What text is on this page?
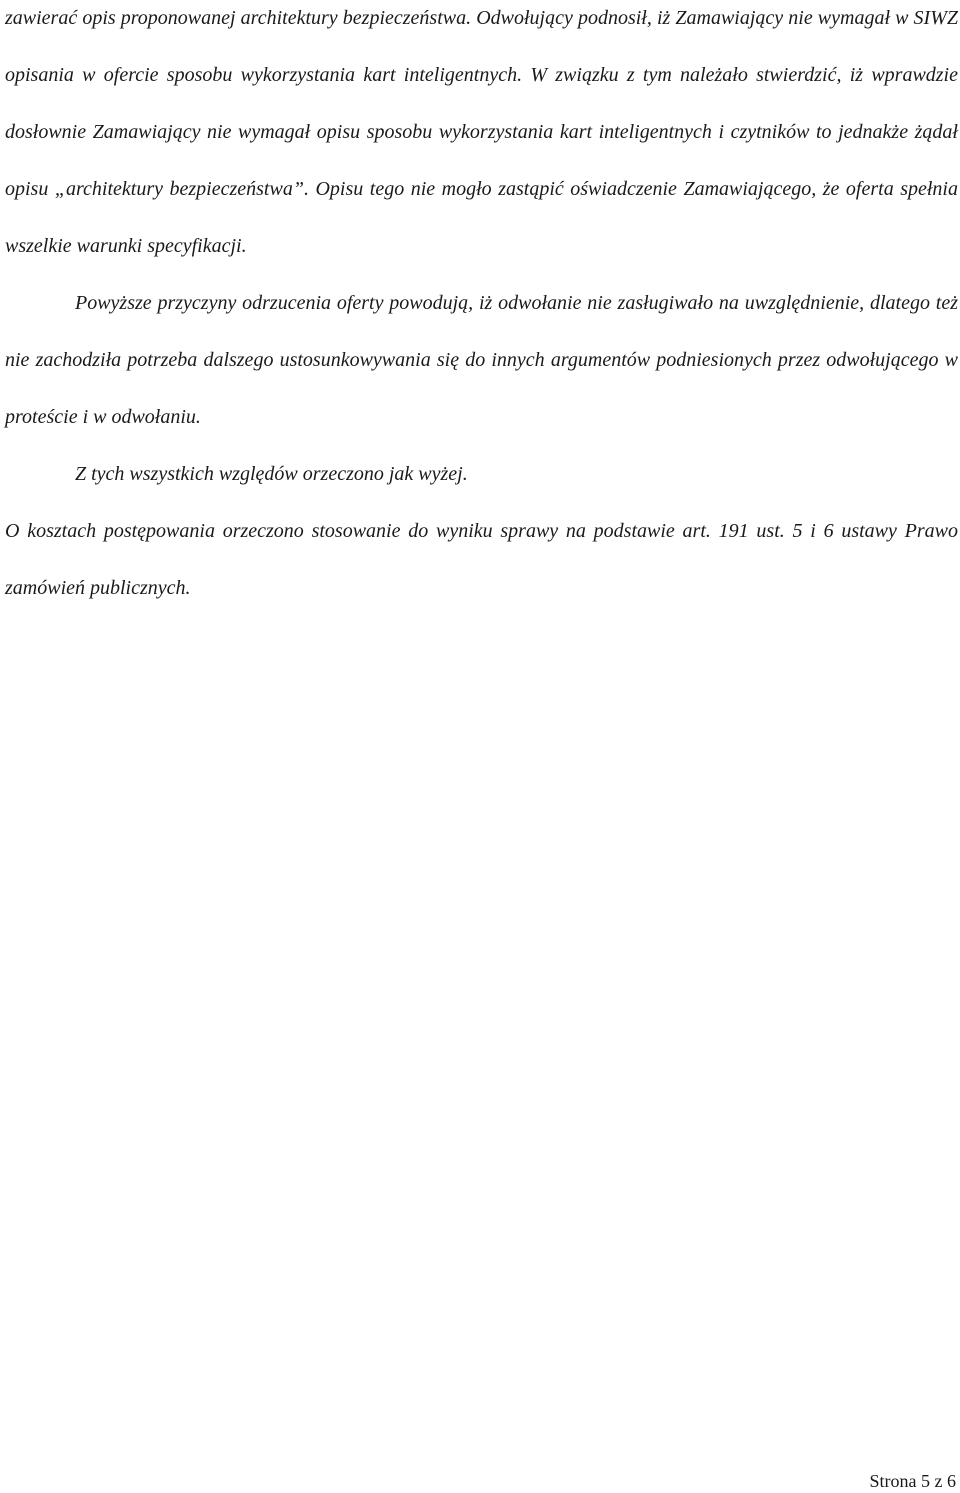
zawierać opis proponowanej architektury bezpieczeństwa. Odwołujący podnosił, iż Zamawiający nie wymagał w SIWZ opisania w ofercie sposobu wykorzystania kart inteligentnych. W związku z tym należało stwierdzić, iż wprawdzie dosłownie Zamawiający nie wymagał opisu sposobu wykorzystania kart inteligentnych i czytników to jednakże żądał opisu „architektury bezpieczeństwa”. Opisu tego nie mogło zastąpić oświadczenie Zamawiającego, że oferta spełnia wszelkie warunki specyfikacji.

Powyższe przyczyny odrzucenia oferty powodują, iż odwołanie nie zasługiwało na uwzględnienie, dlatego też nie zachodziła potrzeba dalszego ustosunkowywania się do innych argumentów podniesionych przez odwołującego w proteście i w odwołaniu.

Z tych wszystkich względów orzeczono jak wyżej.

O kosztach postępowania orzeczono stosowanie do wyniku sprawy na podstawie art. 191 ust. 5 i 6 ustawy Prawo zamówień publicznych.

Strona 5 z 6
